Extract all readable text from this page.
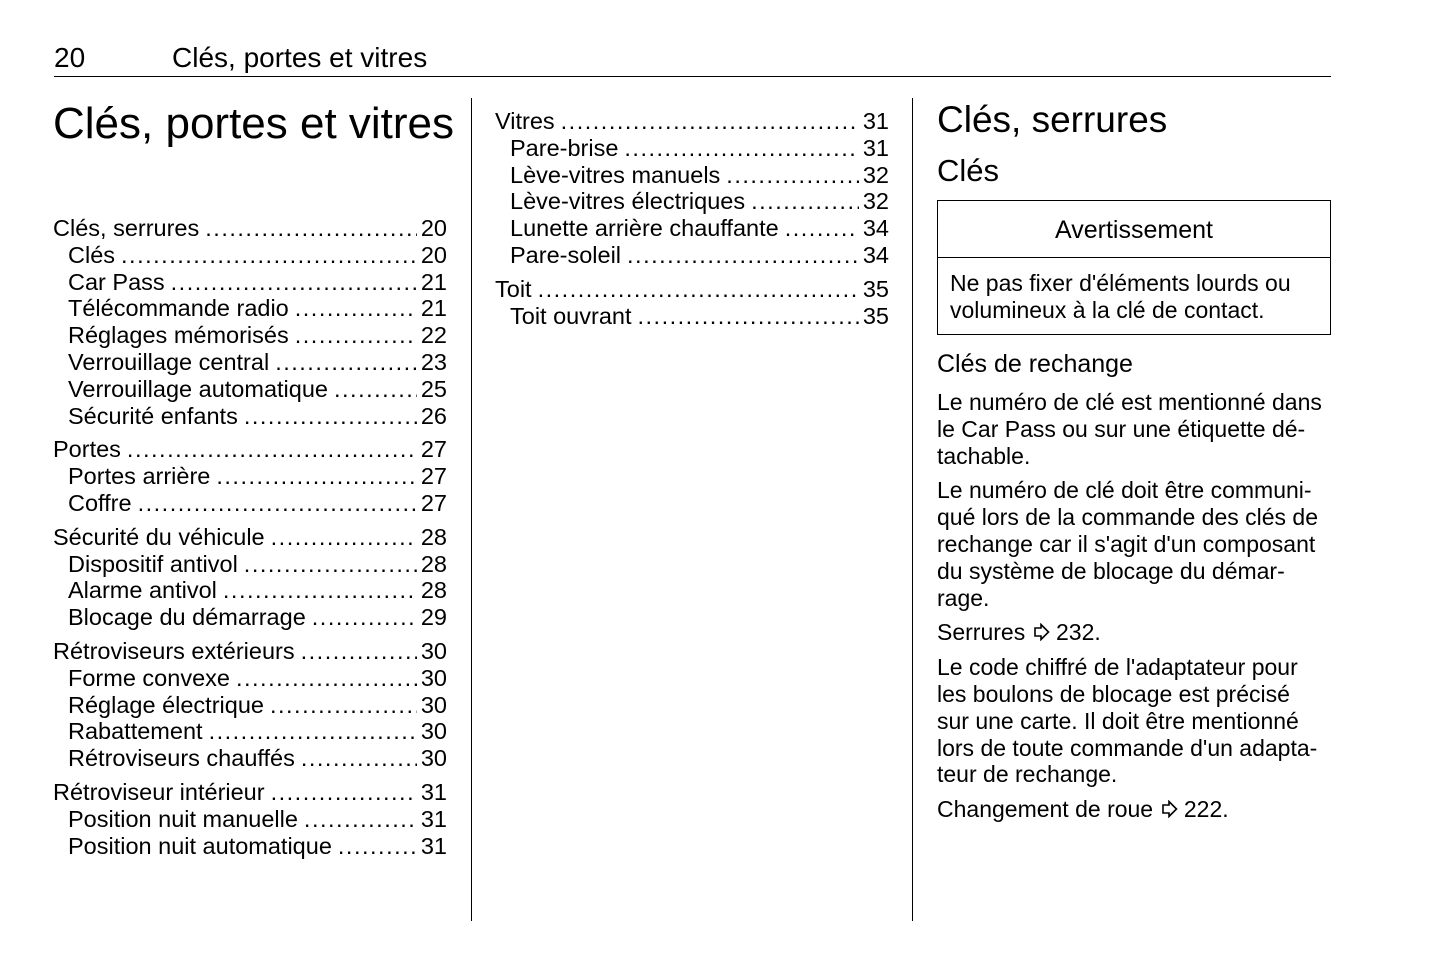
20	Clés, portes et vitres
Clés, portes et vitres
Clés, serrures .....	20
Clés .....	20
Car Pass .....	21
Télécommande radio .....	21
Réglages mémorisés .....	22
Verrouillage central .....	23
Verrouillage automatique .....	25
Sécurité enfants .....	26
Portes .....	27
Portes arrière .....	27
Coffre .....	27
Sécurité du véhicule .....	28
Dispositif antivol .....	28
Alarme antivol .....	28
Blocage du démarrage .....	29
Rétroviseurs extérieurs .....	30
Forme convexe .....	30
Réglage électrique .....	30
Rabattement .....	30
Rétroviseurs chauffés .....	30
Rétroviseur intérieur .....	31
Position nuit manuelle .....	31
Position nuit automatique .....	31
Vitres .....	31
Pare-brise .....	31
Lève-vitres manuels .....	32
Lève-vitres électriques .....	32
Lunette arrière chauffante .....	34
Pare-soleil .....	34
Toit .....	35
Toit ouvrant .....	35
Clés, serrures
Clés
Avertissement
Ne pas fixer d'éléments lourds ou
volumineux à la clé de contact.
Clés de rechange
Le numéro de clé est mentionné dans
le Car Pass ou sur une étiquette dé-
tachable.
Le numéro de clé doit être communi-
qué lors de la commande des clés de
rechange car il s'agit d'un composant
du système de blocage du démar-
rage.
Serrures 232.
Le code chiffré de l'adaptateur pour
les boulons de blocage est précisé
sur une carte. Il doit être mentionné
lors de toute commande d'un adapta-
teur de rechange.
Changement de roue 222.
